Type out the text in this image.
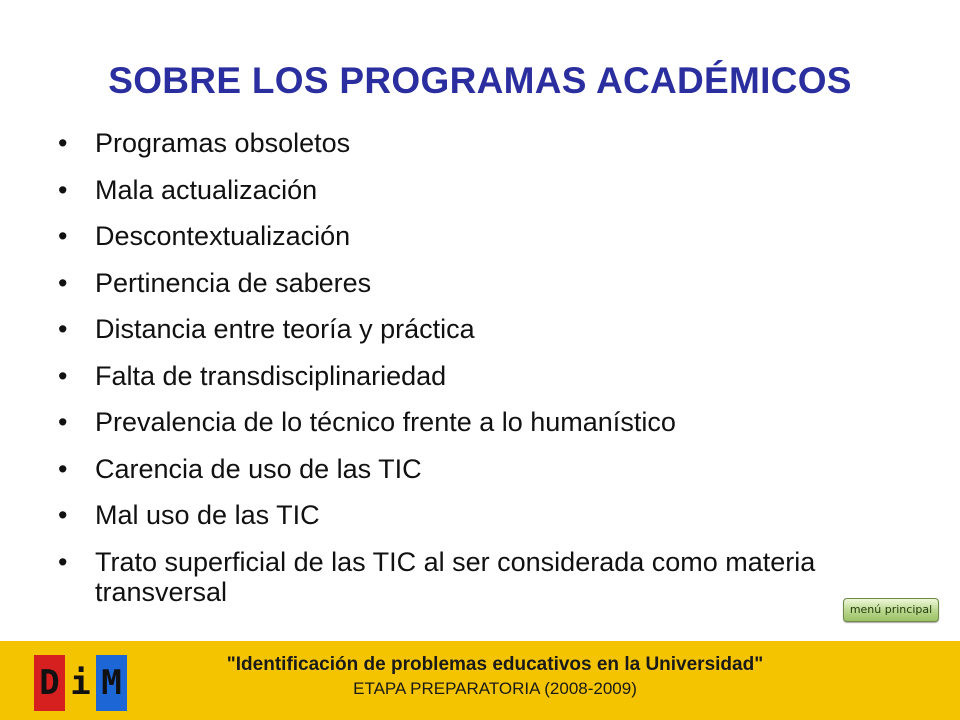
SOBRE LOS PROGRAMAS ACADÉMICOS
• Programas obsoletos
• Mala actualización
• Descontextualización
• Pertinencia de saberes
• Distancia entre teoría y práctica
• Falta de transdisciplinariedad
• Prevalencia de lo técnico frente a lo humanístico
• Carencia de uso de las TIC
• Mal uso de las TIC
• Trato superficial de las TIC al ser considerada como materia transversal
menú principal
D i M	"Identificación de problemas educativos en la Universidad"
ETAPA PREPARATORIA (2008-2009)
